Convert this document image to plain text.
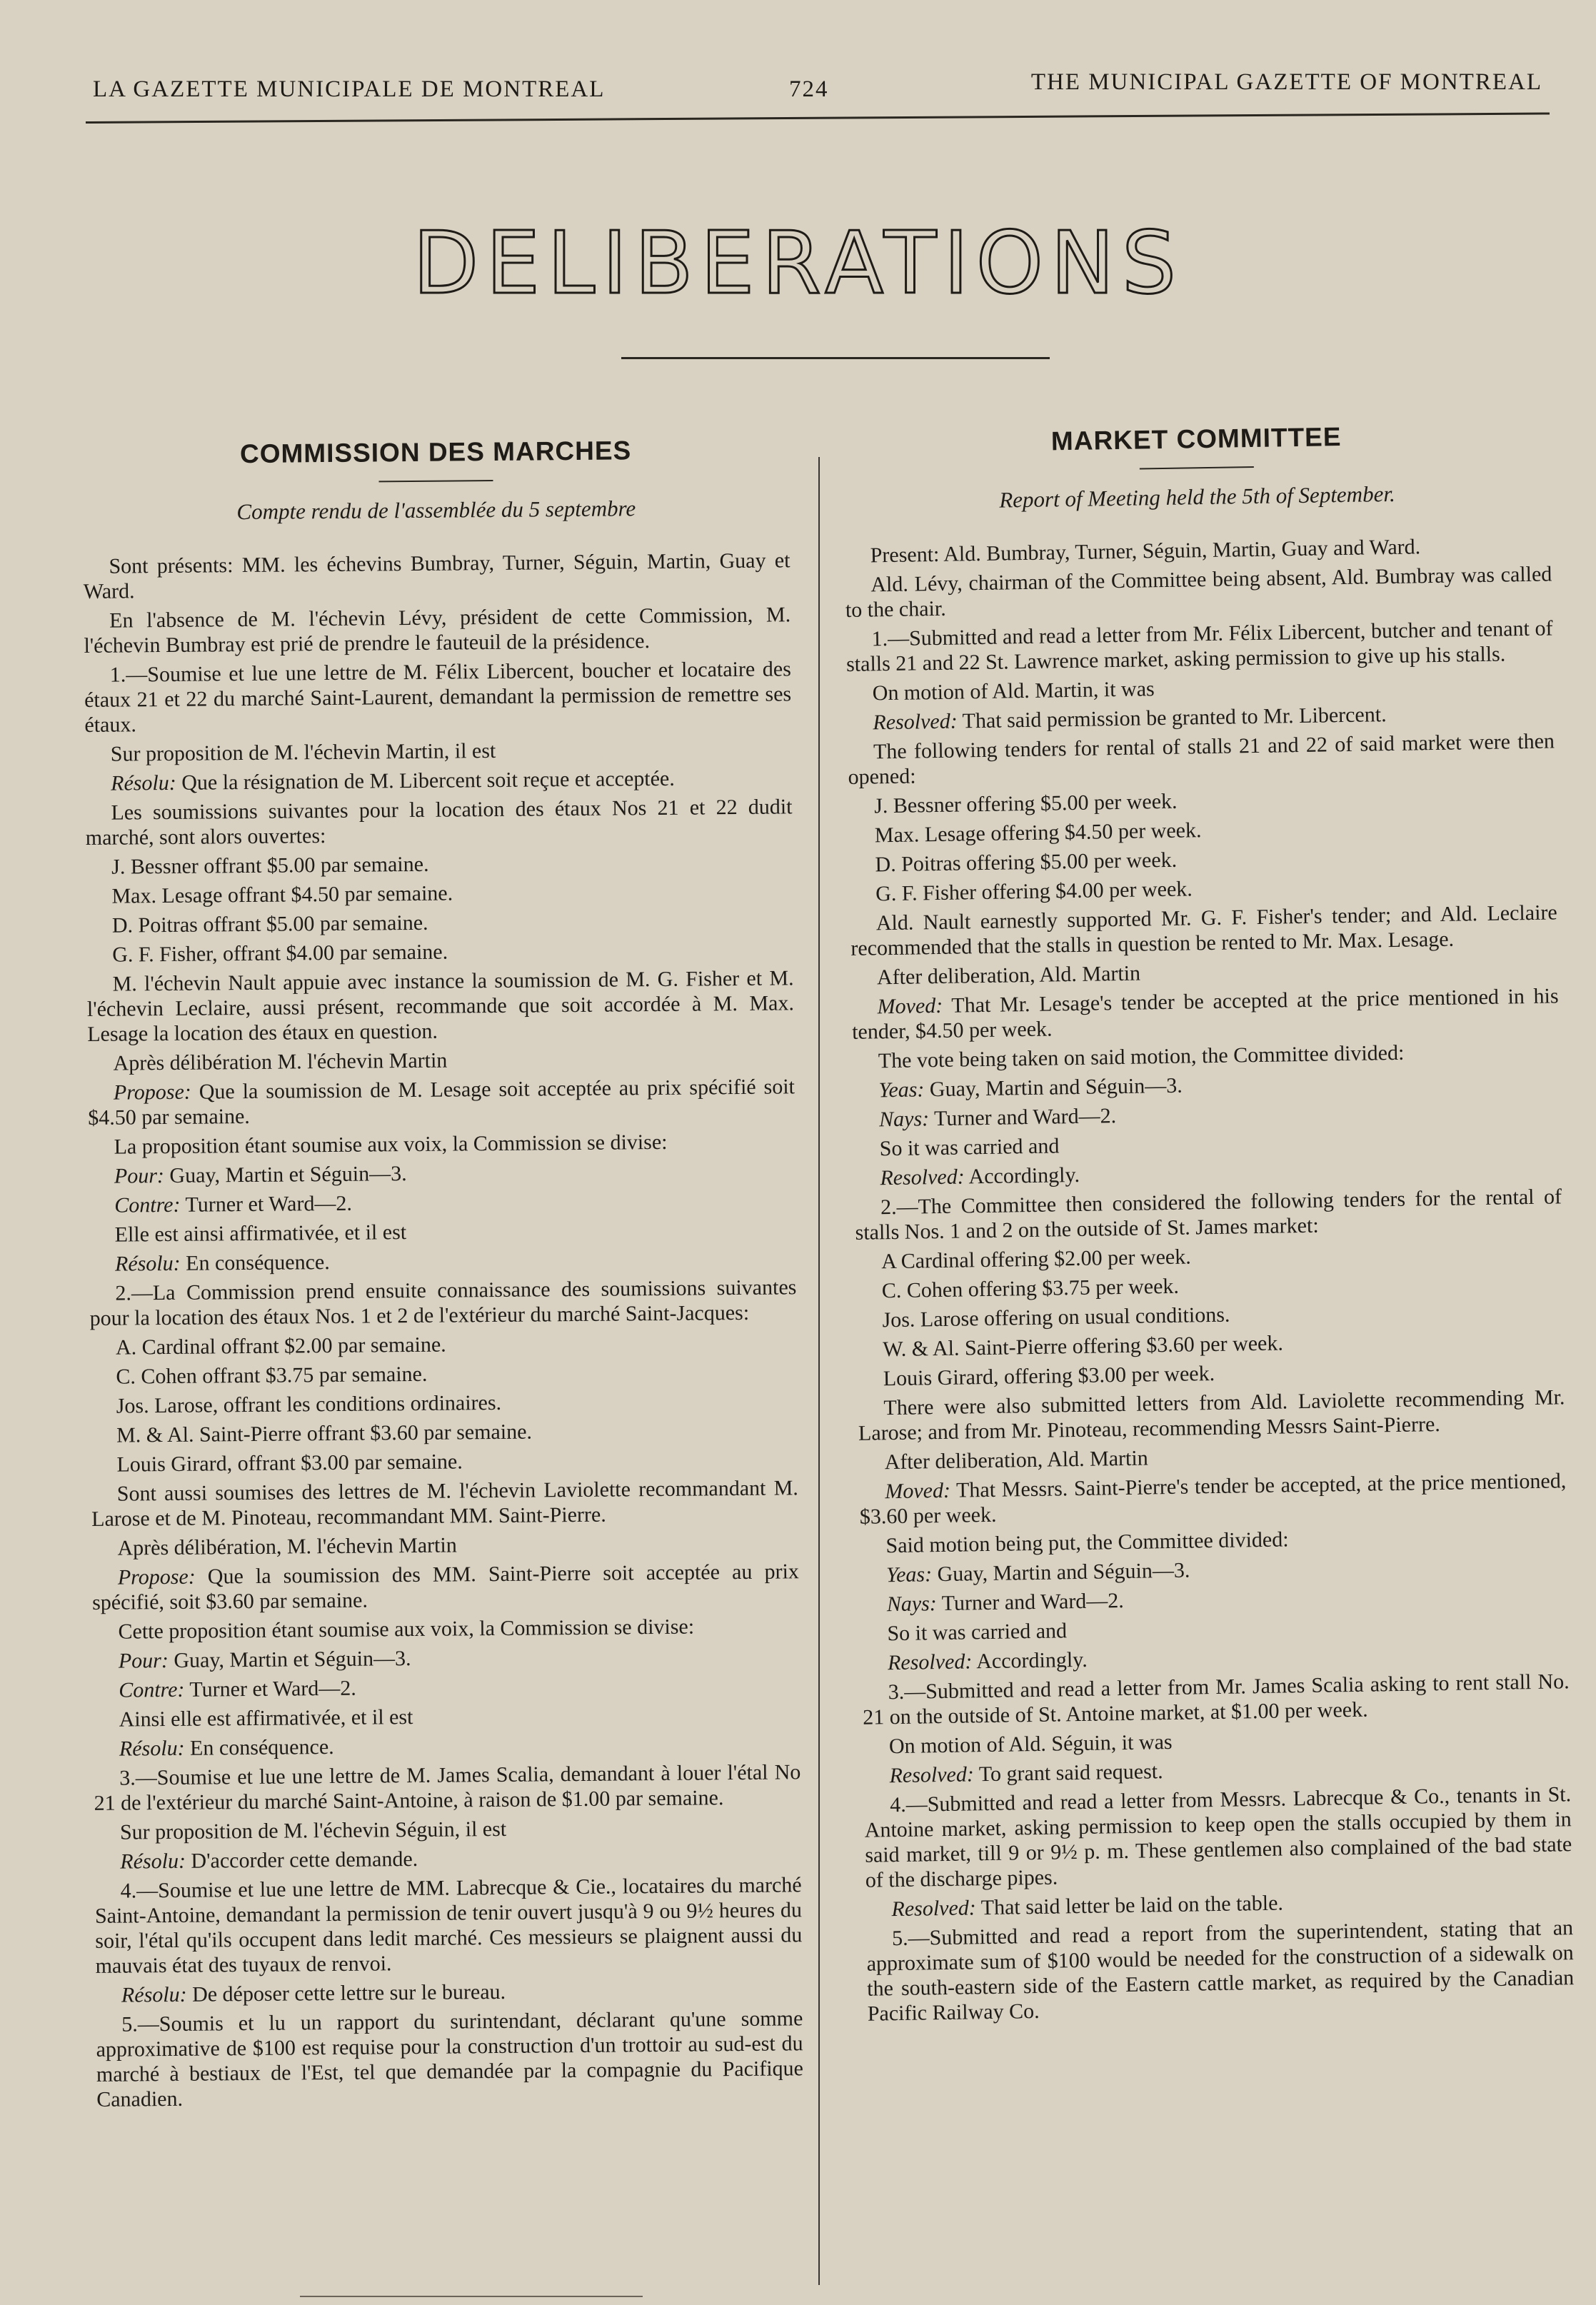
LA GAZETTE MUNICIPALE DE MONTREAL	724	THE MUNICIPAL GAZETTE OF MONTREAL
DELIBERATIONS
COMMISSION DES MARCHES
Compte rendu de l'assemblée du 5 septembre

Sont présents: MM. les échevins Bumbray, Turner, Séguin, Martin, Guay et Ward.

En l'absence de M. l'échevin Lévy, président de cette Commission, M. l'échevin Bumbray est prié de prendre le fauteuil de la présidence.

1.—Soumise et lue une lettre de M. Félix Libercent, boucher et locataire des étaux 21 et 22 du marché Saint-Laurent, demandant la permission de remettre ses étaux.

Sur proposition de M. l'échevin Martin, il est

Résolu: Que la résignation de M. Libercent soit reçue et acceptée.

Les soumissions suivantes pour la location des étaux Nos 21 et 22 dudit marché, sont alors ouvertes:

J. Bessner offrant $5.00 par semaine.

Max. Lesage offrant $4.50 par semaine.

D. Poitras offrant $5.00 par semaine.

G. F. Fisher, offrant $4.00 par semaine.

M. l'échevin Nault appuie avec instance la soumission de M. G. Fisher et M. l'échevin Leclaire, aussi présent, recommande que soit accordée à M. Max. Lesage la location des étaux en question.

Après délibération M. l'échevin Martin

Propose: Que la soumission de M. Lesage soit acceptée au prix spécifié soit $4.50 par semaine.

La proposition étant soumise aux voix, la Commission se divise:

Pour: Guay, Martin et Séguin—3.

Contre: Turner et Ward—2.

Elle est ainsi affirmativée, et il est

Résolu: En conséquence.

2.—La Commission prend ensuite connaissance des soumissions suivantes pour la location des étaux Nos. 1 et 2 de l'extérieur du marché Saint-Jacques:

A. Cardinal offrant $2.00 par semaine.

C. Cohen offrant $3.75 par semaine.

Jos. Larose, offrant les conditions ordinaires.

M. & Al. Saint-Pierre offrant $3.60 par semaine.

Louis Girard, offrant $3.00 par semaine.

Sont aussi soumises des lettres de M. l'échevin Laviolette recommandant M. Larose et de M. Pinoteau, recommandant MM. Saint-Pierre.

Après délibération, M. l'échevin Martin

Propose: Que la soumission des MM. Saint-Pierre soit acceptée au prix spécifié, soit $3.60 par semaine.

Cette proposition étant soumise aux voix, la Commission se divise:

Pour: Guay, Martin et Séguin—3.

Contre: Turner et Ward—2.

Ainsi elle est affirmativée, et il est

Résolu: En conséquence.

3.—Soumise et lue une lettre de M. James Scalia, demandant à louer l'étal No 21 de l'extérieur du marché Saint-Antoine, à raison de $1.00 par semaine.

Sur proposition de M. l'échevin Séguin, il est

Résolu: D'accorder cette demande.

4.—Soumise et lue une lettre de MM. Labrecque & Cie., locataires du marché Saint-Antoine, demandant la permission de tenir ouvert jusqu'à 9 ou 9½ heures du soir, l'étal qu'ils occupent dans ledit marché. Ces messieurs se plaignent aussi du mauvais état des tuyaux de renvoi.

Résolu: De déposer cette lettre sur le bureau.

5.—Soumis et lu un rapport du surintendant, déclarant qu'une somme approximative de $100 est requise pour la construction d'un trottoir au sud-est du marché à bestiaux de l'Est, tel que demandée par la compagnie du Pacifique Canadien.

MARKET COMMITTEE
Report of Meeting held the 5th of September.

Present: Ald. Bumbray, Turner, Séguin, Martin, Guay and Ward.

Ald. Lévy, chairman of the Committee being absent, Ald. Bumbray was called to the chair.

1.—Submitted and read a letter from Mr. Félix Libercent, butcher and tenant of stalls 21 and 22 St. Lawrence market, asking permission to give up his stalls.

On motion of Ald. Martin, it was

Resolved: That said permission be granted to Mr. Libercent.

The following tenders for rental of stalls 21 and 22 of said market were then opened:

J. Bessner offering $5.00 per week.

Max. Lesage offering $4.50 per week.

D. Poitras offering $5.00 per week.

G. F. Fisher offering $4.00 per week.

Ald. Nault earnestly supported Mr. G. F. Fisher's tender; and Ald. Leclaire recommended that the stalls in question be rented to Mr. Max. Lesage.

After deliberation, Ald. Martin

Moved: That Mr. Lesage's tender be accepted at the price mentioned in his tender, $4.50 per week.

The vote being taken on said motion, the Committee divided:

Yeas: Guay, Martin and Séguin—3.

Nays: Turner and Ward—2.

So it was carried and

Resolved: Accordingly.

2.—The Committee then considered the following tenders for the rental of stalls Nos. 1 and 2 on the outside of St. James market:

A Cardinal offering $2.00 per week.

C. Cohen offering $3.75 per week.

Jos. Larose offering on usual conditions.

W. & Al. Saint-Pierre offering $3.60 per week.

Louis Girard, offering $3.00 per week.

There were also submitted letters from Ald. Laviolette recommending Mr. Larose; and from Mr. Pinoteau, recommending Messrs Saint-Pierre.

After deliberation, Ald. Martin

Moved: That Messrs. Saint-Pierre's tender be accepted, at the price mentioned, $3.60 per week.

Said motion being put, the Committee divided:

Yeas: Guay, Martin and Séguin—3.

Nays: Turner and Ward—2.

So it was carried and

Resolved: Accordingly.

3.—Submitted and read a letter from Mr. James Scalia asking to rent stall No. 21 on the outside of St. Antoine market, at $1.00 per week.

On motion of Ald. Séguin, it was

Resolved: To grant said request.

4.—Submitted and read a letter from Messrs. Labrecque & Co., tenants in St. Antoine market, asking permission to keep open the stalls occupied by them in said market, till 9 or 9½ p. m. These gentlemen also complained of the bad state of the discharge pipes.

Resolved: That said letter be laid on the table.

5.—Submitted and read a report from the superintendent, stating that an approximate sum of $100 would be needed for the construction of a sidewalk on the south-eastern side of the Eastern cattle market, as required by the Canadian Pacific Railway Co.
